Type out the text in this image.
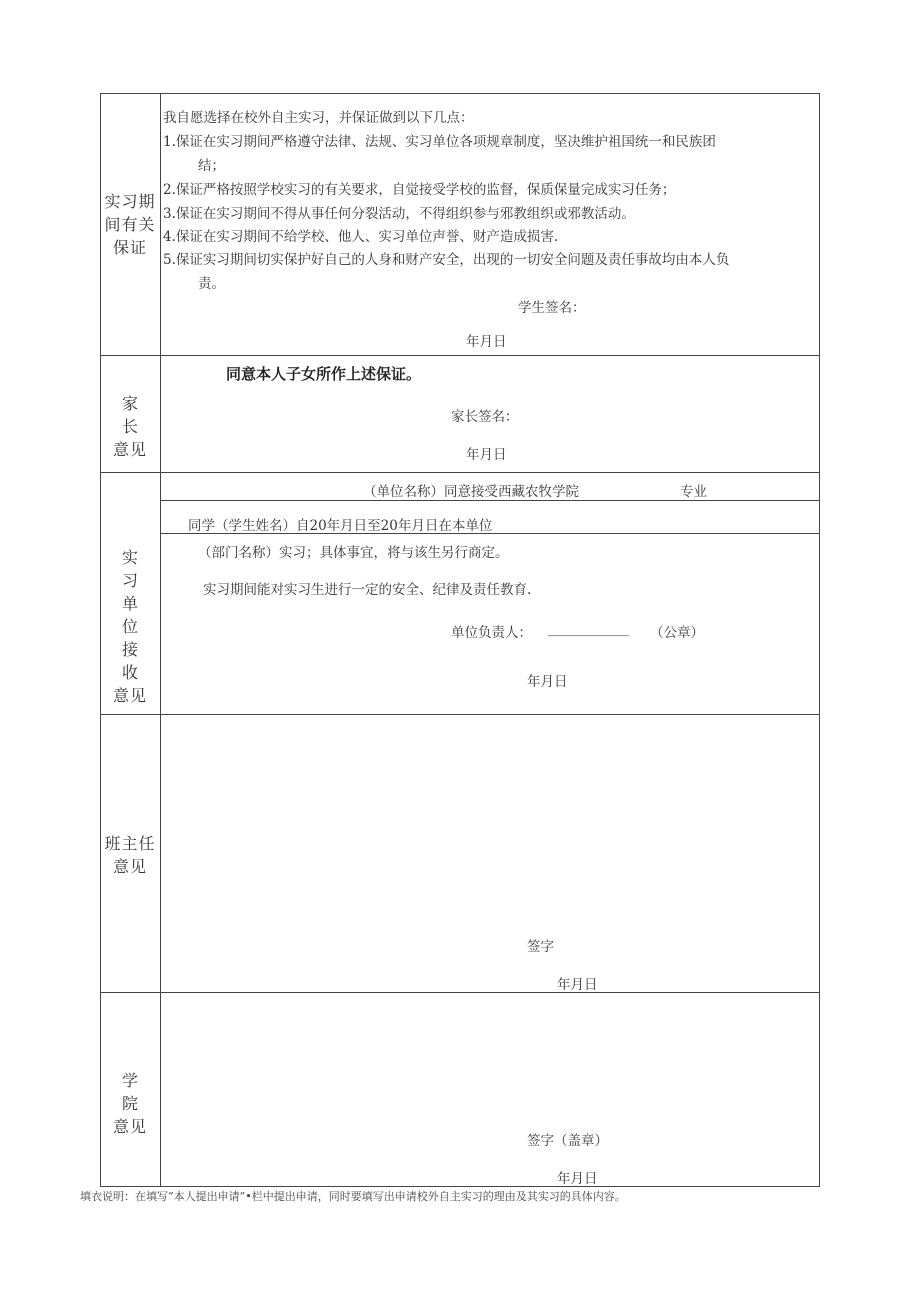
实习期
间有关
保证
我自愿选择在校外自主实习，并保证做到以下几点：
1.保证在实习期间严格遵守法律、法规、实习单位各项规章制度，坚决维护祖国统一和民族团
结；
2.保证严格按照学校实习的有关要求，自觉接受学校的监督，保质保量完成实习任务；
3.保证在实习期间不得从事任何分裂活动，不得组织参与邪教组织或邪教活动。
4.保证在实习期间不给学校、他人、实习单位声誉、财产造成损害.
5.保证实习期间切实保护好自己的人身和财产安全，出现的一切安全问题及责任事故均由本人负
责。
学生签名：
年月日
家 长
意见
同意本人子女所作上述保证。
家长签名：
年月日
实 习
单 位
接 收
意见
（单位名称）同意接受西藏农牧学院	专业
同学（学生姓名）自20年月日至20年月日在本单位
（部门名称）实习；具体事宜，将与该生另行商定。
实习期间能对实习生进行一定的安全、纪律及责任教育.
单位负责人： ____________ （公章）
年月日
班主任
意见
签字
年月日
学 院
意见
签字（盖章）
年月日
填衣说明：在填写”本人提出申请”•栏中提出申请，同时要填写出申请校外自主实习的理由及其实习的具体内容。
